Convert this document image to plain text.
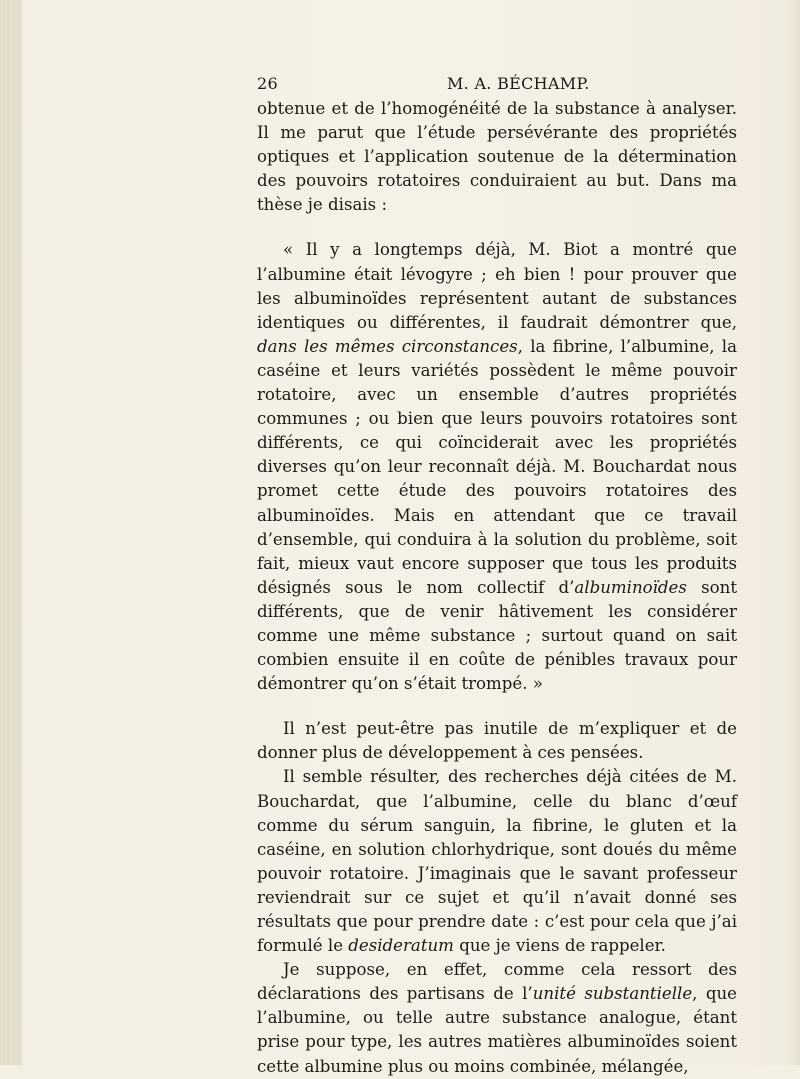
26	M. A. BÉCHAMP.

obtenue et de l’homogénéité de la substance à analyser. Il me parut que l’étude persévérante des propriétés optiques et l’application soutenue de la détermination des pouvoirs rotatoires conduiraient au but. Dans ma thèse je disais :

« Il y a longtemps déjà, M. Biot a montré que l’albumine était lévogyre ; eh bien ! pour prouver que les albuminoïdes représentent autant de substances identiques ou différentes, il faudrait démontrer que, dans les mêmes circonstances, la fibrine, l’albumine, la caséine et leurs variétés possèdent le même pouvoir rotatoire, avec un ensemble d’autres propriétés communes ; ou bien que leurs pouvoirs rotatoires sont différents, ce qui coïnciderait avec les propriétés diverses qu’on leur reconnaît déjà. M. Bouchardat nous promet cette étude des pouvoirs rotatoires des albuminoïdes. Mais en attendant que ce travail d’ensemble, qui conduira à la solution du problème, soit fait, mieux vaut encore supposer que tous les produits désignés sous le nom collectif d’albuminoïdes sont différents, que de venir hâtivement les considérer comme une même substance ; surtout quand on sait combien ensuite il en coûte de pénibles travaux pour démontrer qu’on s’était trompé. »

Il n’est peut-être pas inutile de m’expliquer et de donner plus de développement à ces pensées.

Il semble résulter, des recherches déjà citées de M. Bouchardat, que l’albumine, celle du blanc d’œuf comme du sérum sanguin, la fibrine, le gluten et la caséine, en solution chlorhydrique, sont doués du même pouvoir rotatoire. J’imaginais que le savant professeur reviendrait sur ce sujet et qu’il n’avait donné ses résultats que pour prendre date : c’est pour cela que j’ai formulé le desideratum que je viens de rappeler.

Je suppose, en effet, comme cela ressort des déclarations des partisans de l’unité substantielle, que l’albumine, ou telle autre substance analogue, étant prise pour type, les autres matières albuminoïdes soient cette albumine plus ou moins combinée, mélangée,
